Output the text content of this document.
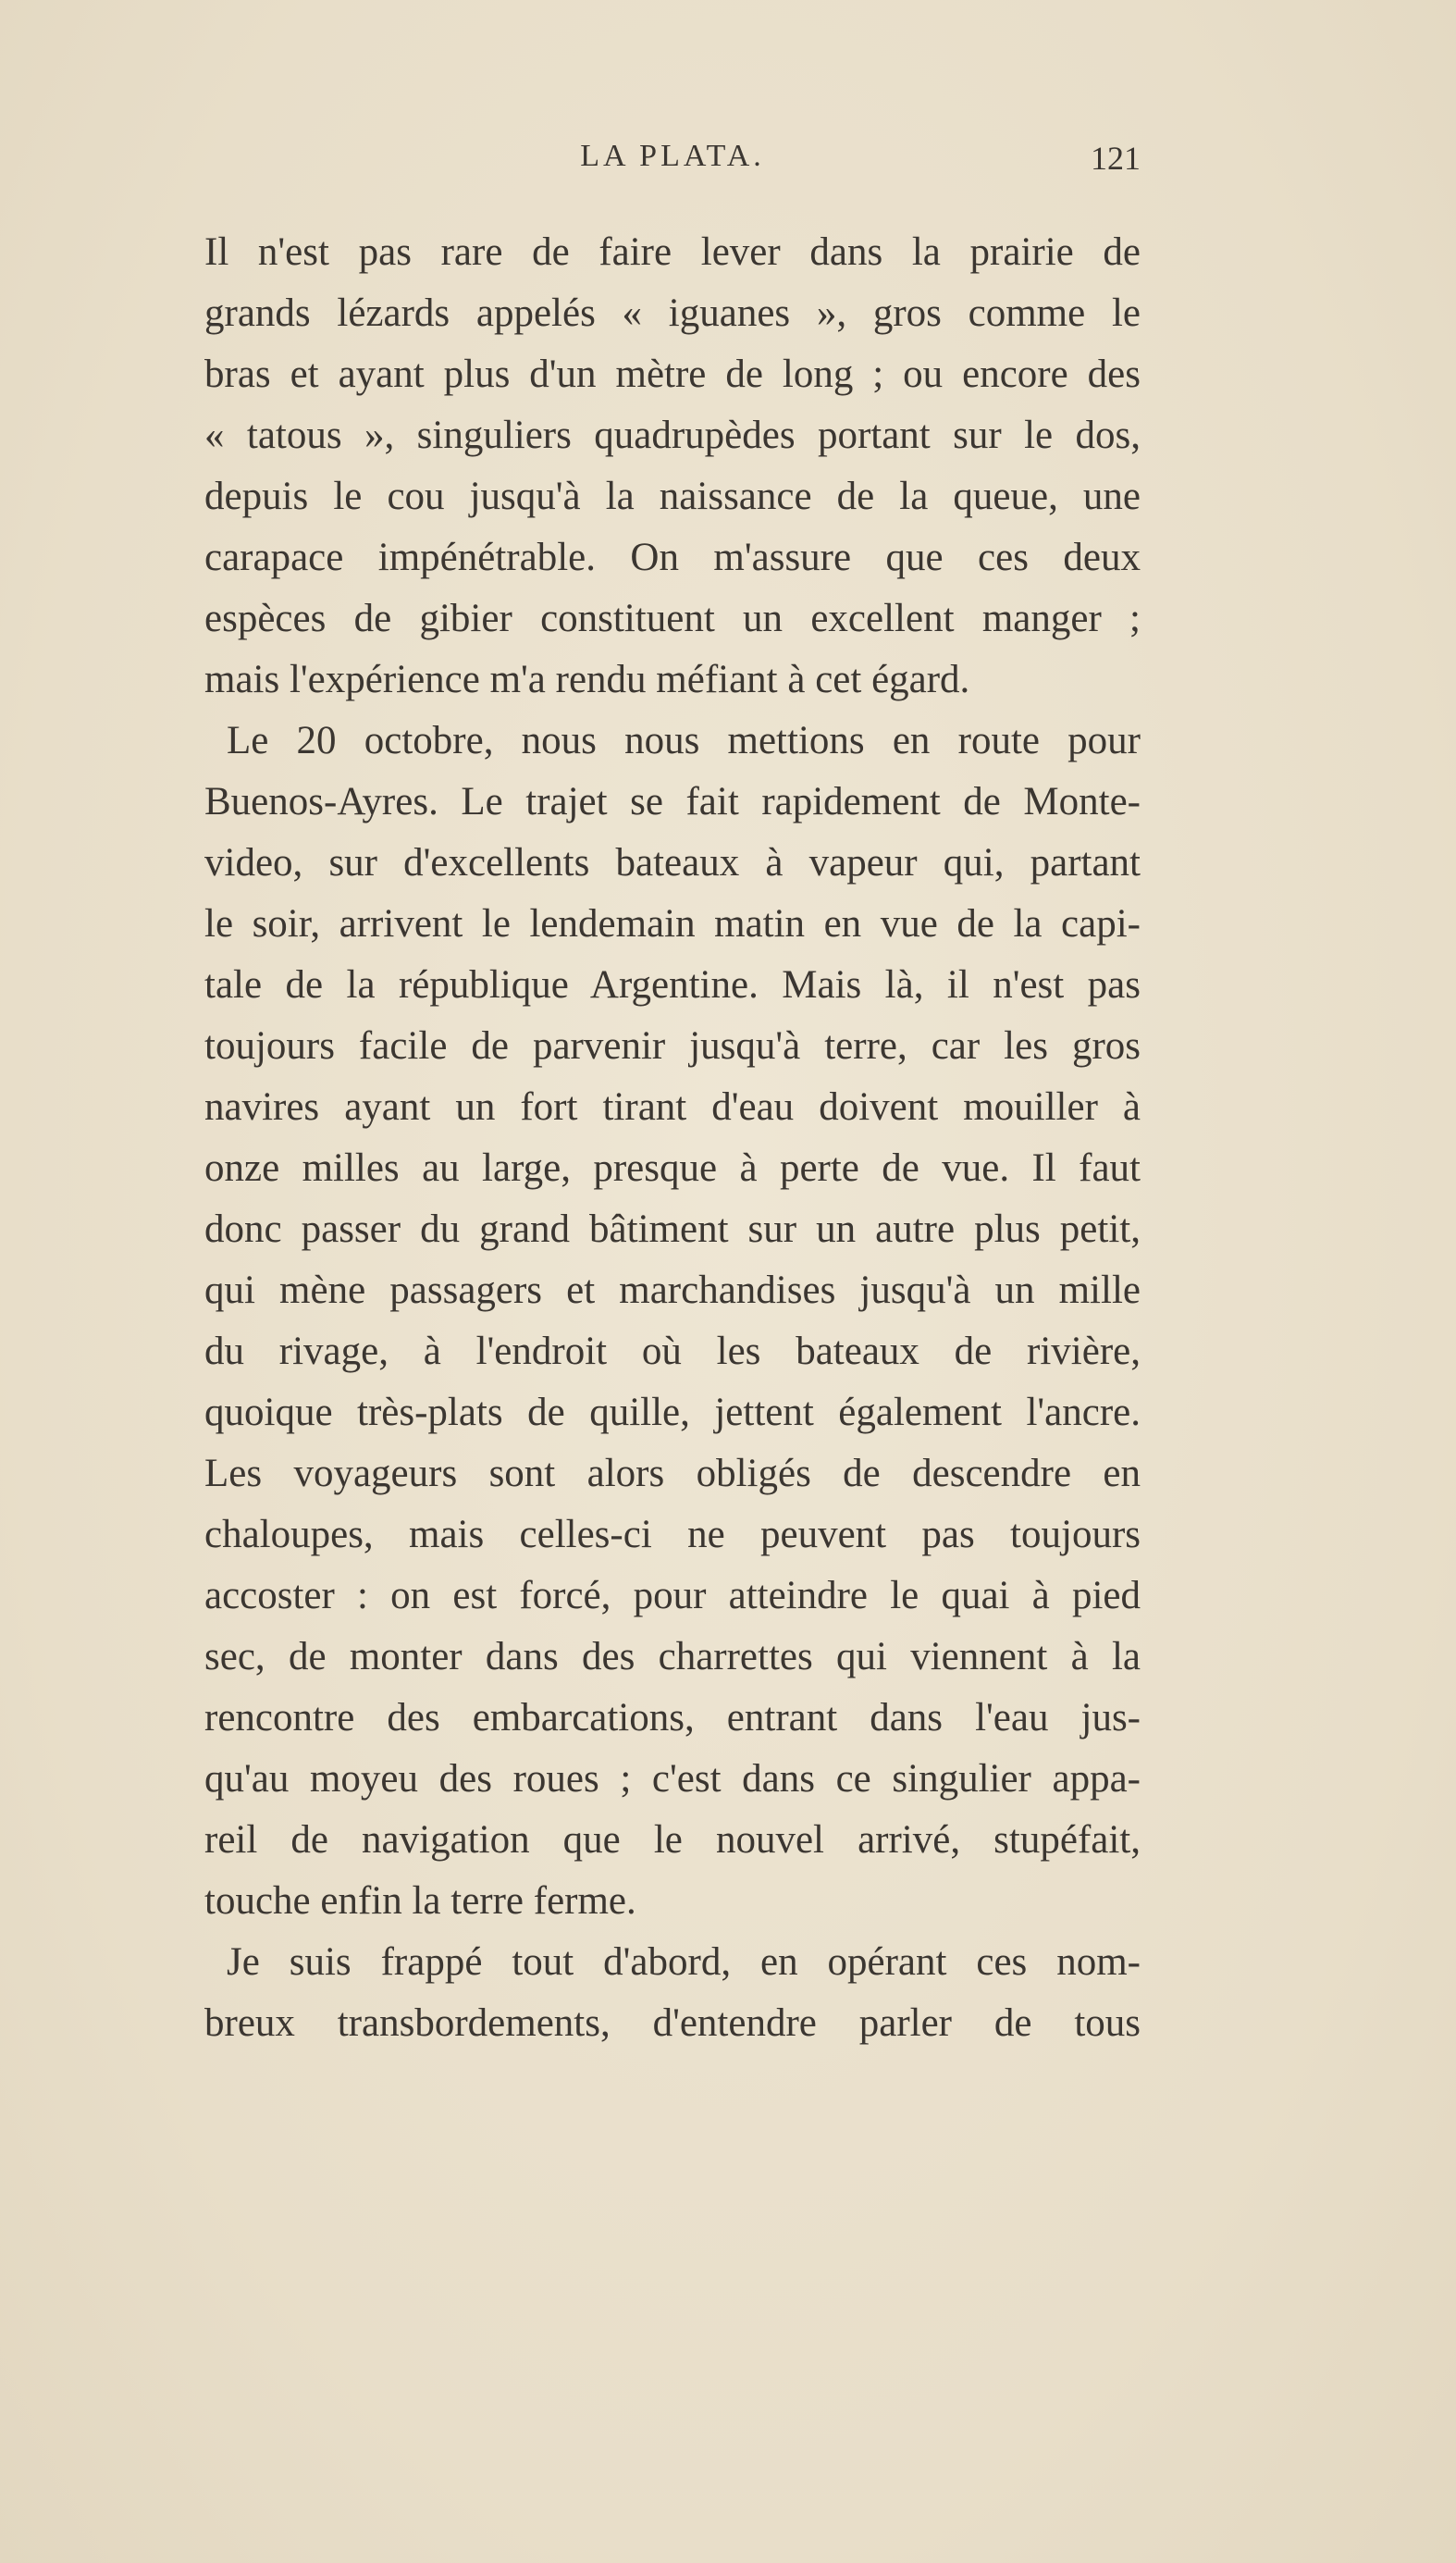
LA PLATA.	121
Il n'est pas rare de faire lever dans la prairie de
grands lézards appelés « iguanes », gros comme le
bras et ayant plus d'un mètre de long ; ou encore des
« tatous », singuliers quadrupèdes portant sur le dos,
depuis le cou jusqu'à la naissance de la queue, une
carapace impénétrable. On m'assure que ces deux
espèces de gibier constituent un excellent manger ;
mais l'expérience m'a rendu méfiant à cet égard.
Le 20 octobre, nous nous mettions en route pour
Buenos-Ayres. Le trajet se fait rapidement de Monte-
video, sur d'excellents bateaux à vapeur qui, partant
le soir, arrivent le lendemain matin en vue de la capi-
tale de la république Argentine. Mais là, il n'est pas
toujours facile de parvenir jusqu'à terre, car les gros
navires ayant un fort tirant d'eau doivent mouiller à
onze milles au large, presque à perte de vue. Il faut
donc passer du grand bâtiment sur un autre plus petit,
qui mène passagers et marchandises jusqu'à un mille
du rivage, à l'endroit où les bateaux de rivière,
quoique très-plats de quille, jettent également l'ancre.
Les voyageurs sont alors obligés de descendre en
chaloupes, mais celles-ci ne peuvent pas toujours
accoster : on est forcé, pour atteindre le quai à pied
sec, de monter dans des charrettes qui viennent à la
rencontre des embarcations, entrant dans l'eau jus-
qu'au moyeu des roues ; c'est dans ce singulier appa-
reil de navigation que le nouvel arrivé, stupéfait,
touche enfin la terre ferme.
Je suis frappé tout d'abord, en opérant ces nom-
breux transbordements, d'entendre parler de tous
